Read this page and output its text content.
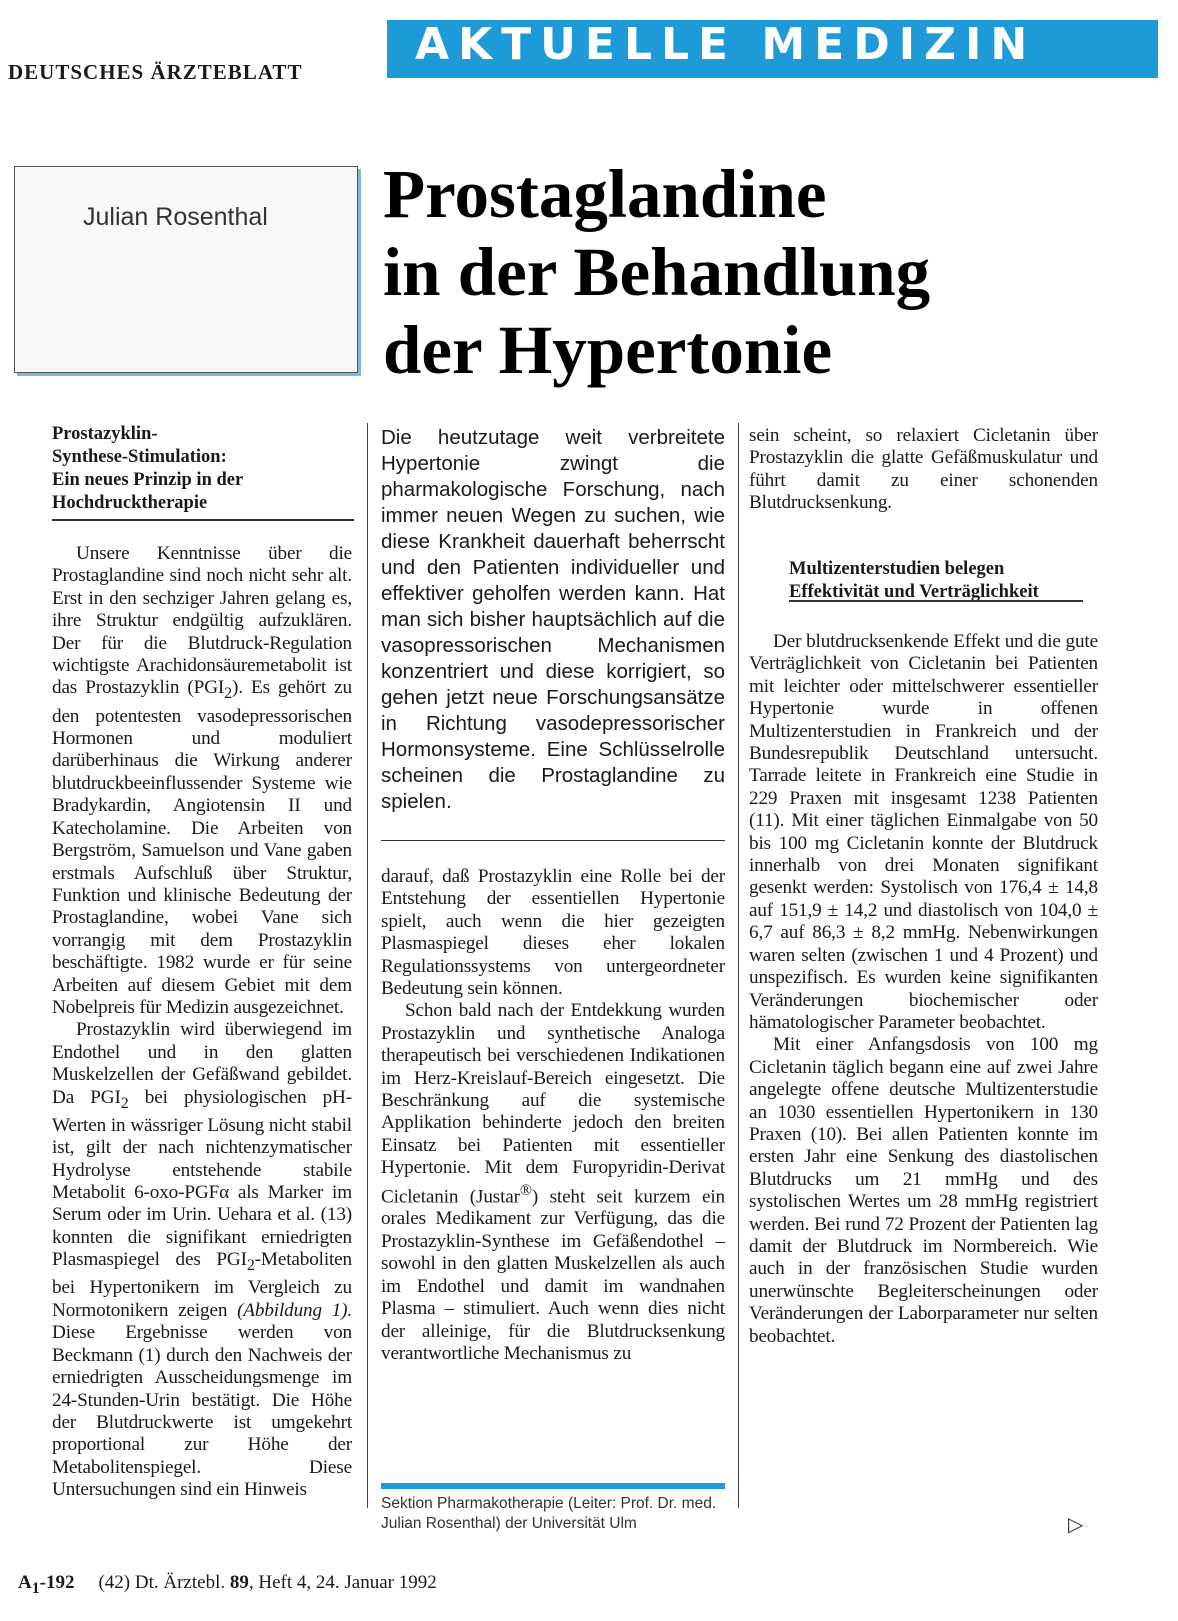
DEUTSCHES ÄRZTEBLATT
AKTUELLE MEDIZIN
Julian Rosenthal Prostaglandine
in der Behandlung
der Hypertonie
Prostazyklin-
Synthese-Stimulation:
Ein neues Prinzip in der
Hochdrucktherapie

Unsere Kenntnisse über die Prostaglandine sind noch nicht sehr alt. Erst in den sechziger Jahren gelang es, ihre Struktur endgültig aufzuklären. Der für die Blutdruck-Regulation wichtigste Arachidonsäuremetabolit ist das Prostazyklin $(PGI_2)$. Es gehört zu den potentesten vasodepressorischen Hormonen und moduliert darüberhinaus die Wirkung anderer blutdruckbeeinflussender Systeme wie Bradykardin, Angiotensin II und Katecholamine. Die Arbeiten von Bergström, Samuelson und Vane gaben erstmals Aufschluß über Struktur, Funktion und klinische Bedeutung der Prostaglandine, wobei Vane sich vorrangig mit dem Prostazyklin beschäftigte. 1982 wurde er für seine Arbeiten auf diesem Gebiet mit dem Nobelpreis für Medizin ausgezeichnet.

Prostazyklin wird überwiegend im Endothel und in den glatten Muskelzellen der Gefäßwand gebildet. Da $PGI_2$ bei physiologischen pH-Werten in wässriger Lösung nicht stabil ist, gilt der nach nichtenzymatischer Hydrolyse entstehende stabile Metabolit 6-oxo-PGFα als Marker im Serum oder im Urin. Uehara et al. (13) konnten die signifikant erniedrigten Plasmaspiegel des $PGI_2$-Metaboliten bei Hypertonikern im Vergleich zu Normotonikern zeigen (Abbildung 1). Diese Ergebnisse werden von Beckmann (1) durch den Nachweis der erniedrigten Ausscheidungsmenge im 24-Stunden-Urin bestätigt. Die Höhe der Blutdruckwerte ist umgekehrt proportional zur Höhe der Metabolitenspiegel. Diese Untersuchungen sind ein Hinweis

Die heutzutage weit verbreitete Hypertonie zwingt die pharmakologische Forschung, nach immer neuen Wegen zu suchen, wie diese Krankheit dauerhaft beherrscht und den Patienten individueller und effektiver geholfen werden kann. Hat man sich bisher hauptsächlich auf die vasopressorischen Mechanismen konzentriert und diese korrigiert, so gehen jetzt neue Forschungsansätze in Richtung vasodepressorischer Hormonsysteme. Eine Schlüsselrolle scheinen die Prostaglandine zu spielen.

darauf, daß Prostazyklin eine Rolle bei der Entstehung der essentiellen Hypertonie spielt, auch wenn die hier gezeigten Plasmaspiegel dieses eher lokalen Regulationssystems von untergeordneter Bedeutung sein können.

Schon bald nach der Entdekkung wurden Prostazyklin und synthetische Analoga therapeutisch bei verschiedenen Indikationen im Herz-Kreislauf-Bereich eingesetzt. Die Beschränkung auf die systemische Applikation behinderte jedoch den breiten Einsatz bei Patienten mit essentieller Hypertonie. Mit dem Furopyridin-Derivat Cicletanin (Justar®) steht seit kurzem ein orales Medikament zur Verfügung, das die Prostazyklin-Synthese im Gefäßendothel – sowohl in den glatten Muskelzellen als auch im Endothel und damit im wandnahen Plasma – stimuliert. Auch wenn dies nicht der alleinige, für die Blutdrucksenkung verantwortliche Mechanismus zu

Sektion Pharmakotherapie (Leiter: Prof. Dr. med. Julian Rosenthal) der Universität Ulm

sein scheint, so relaxiert Cicletanin über Prostazyklin die glatte Gefäßmuskulatur und führt damit zu einer schonenden Blutdrucksenkung.

Multizenterstudien belegen
Effektivität und Verträglichkeit

Der blutdrucksenkende Effekt und die gute Verträglichkeit von Cicletanin bei Patienten mit leichter oder mittelschwerer essentieller Hypertonie wurde in offenen Multizenterstudien in Frankreich und der Bundesrepublik Deutschland untersucht. Tarrade leitete in Frankreich eine Studie in 229 Praxen mit insgesamt 1238 Patienten (11). Mit einer täglichen Einmalgabe von 50 bis 100 mg Cicletanin konnte der Blutdruck innerhalb von drei Monaten signifikant gesenkt werden: Systolisch von 176,4 ± 14,8 auf 151,9 ± 14,2 und diastolisch von 104,0 ± 6,7 auf 86,3 ± 8,2 mmHg. Nebenwirkungen waren selten (zwischen 1 und 4 Prozent) und unspezifisch. Es wurden keine signifikanten Veränderungen biochemischer oder hämatologischer Parameter beobachtet.

Mit einer Anfangsdosis von 100 mg Cicletanin täglich begann eine auf zwei Jahre angelegte offene deutsche Multizenterstudie an 1030 essentiellen Hypertonikern in 130 Praxen (10). Bei allen Patienten konnte im ersten Jahr eine Senkung des diastolischen Blutdrucks um 21 mmHg und des systolischen Wertes um 28 mmHg registriert werden. Bei rund 72 Prozent der Patienten lag damit der Blutdruck im Normbereich. Wie auch in der französischen Studie wurden unerwünschte Begleiterscheinungen oder Veränderungen der Laborparameter nur selten beobachtet.

▷
$A_1-192$ (42) Dt. Ärztebl. 89, Heft 4, 24. Januar 1992
